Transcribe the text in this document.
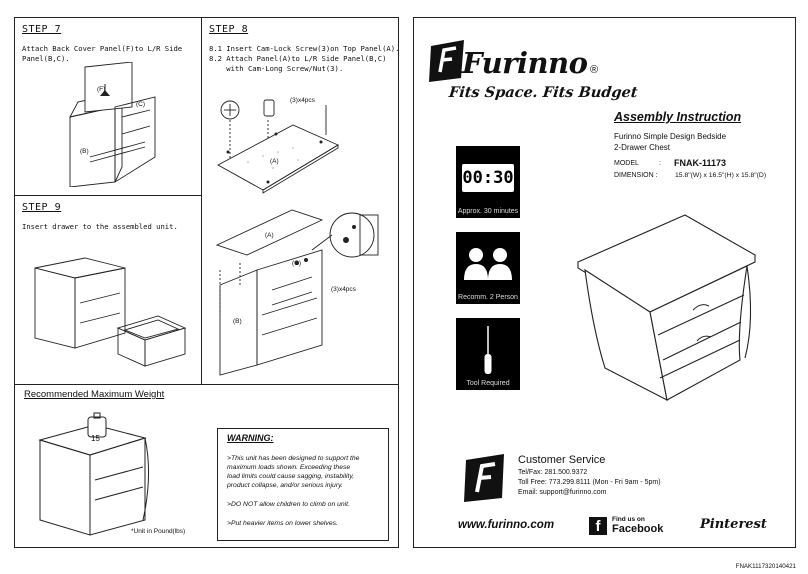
STEP 7
Attach Back Cover Panel(F)to L/R Side
Panel(B,C).
(F)
(C)
(B)
STEP 8
8.1 Insert Cam-Lock Screw(3)on Top Panel(A).
8.2 Attach Panel(A)to L/R Side Panel(B,C)
with Cam-Long Screw/Nut(3).
(3)x4pcs
(A)
(A)
(C)
(B)
(3)x4pcs
STEP 9
Insert drawer to the assembled unit.
Recommended Maximum Weight
15
*Unit in Pound(lbs)
WARNING:
>This unit has been designed to support the
maximum loads shown. Exceeding these
load limits could cause sagging, instability,
product collapse, and/or serious injury.
>DO NOT allow children to climb on unit.
>Put heavier items on lower shelves.
Furinno ®
Fits Space. Fits Budget
Assembly Instruction
Furinno Simple Design Bedside
2-Drawer Chest
MODEL	: FNAK-11173
DIMENSION :	15.8"(W) x 16.5"(H) x 15.8"(D)
00:30
Approx. 30 minutes
Recomm. 2 Person
Tool Required
Customer Service
Tel/Fax: 281.500.9372
Toll Free: 773.299.8111 (Mon - Fri 9am - 5pm)
Email: support@furinno.com
www.furinno.com	f	Find us on
Facebook	Pinterest
FNAK11173201404​21
